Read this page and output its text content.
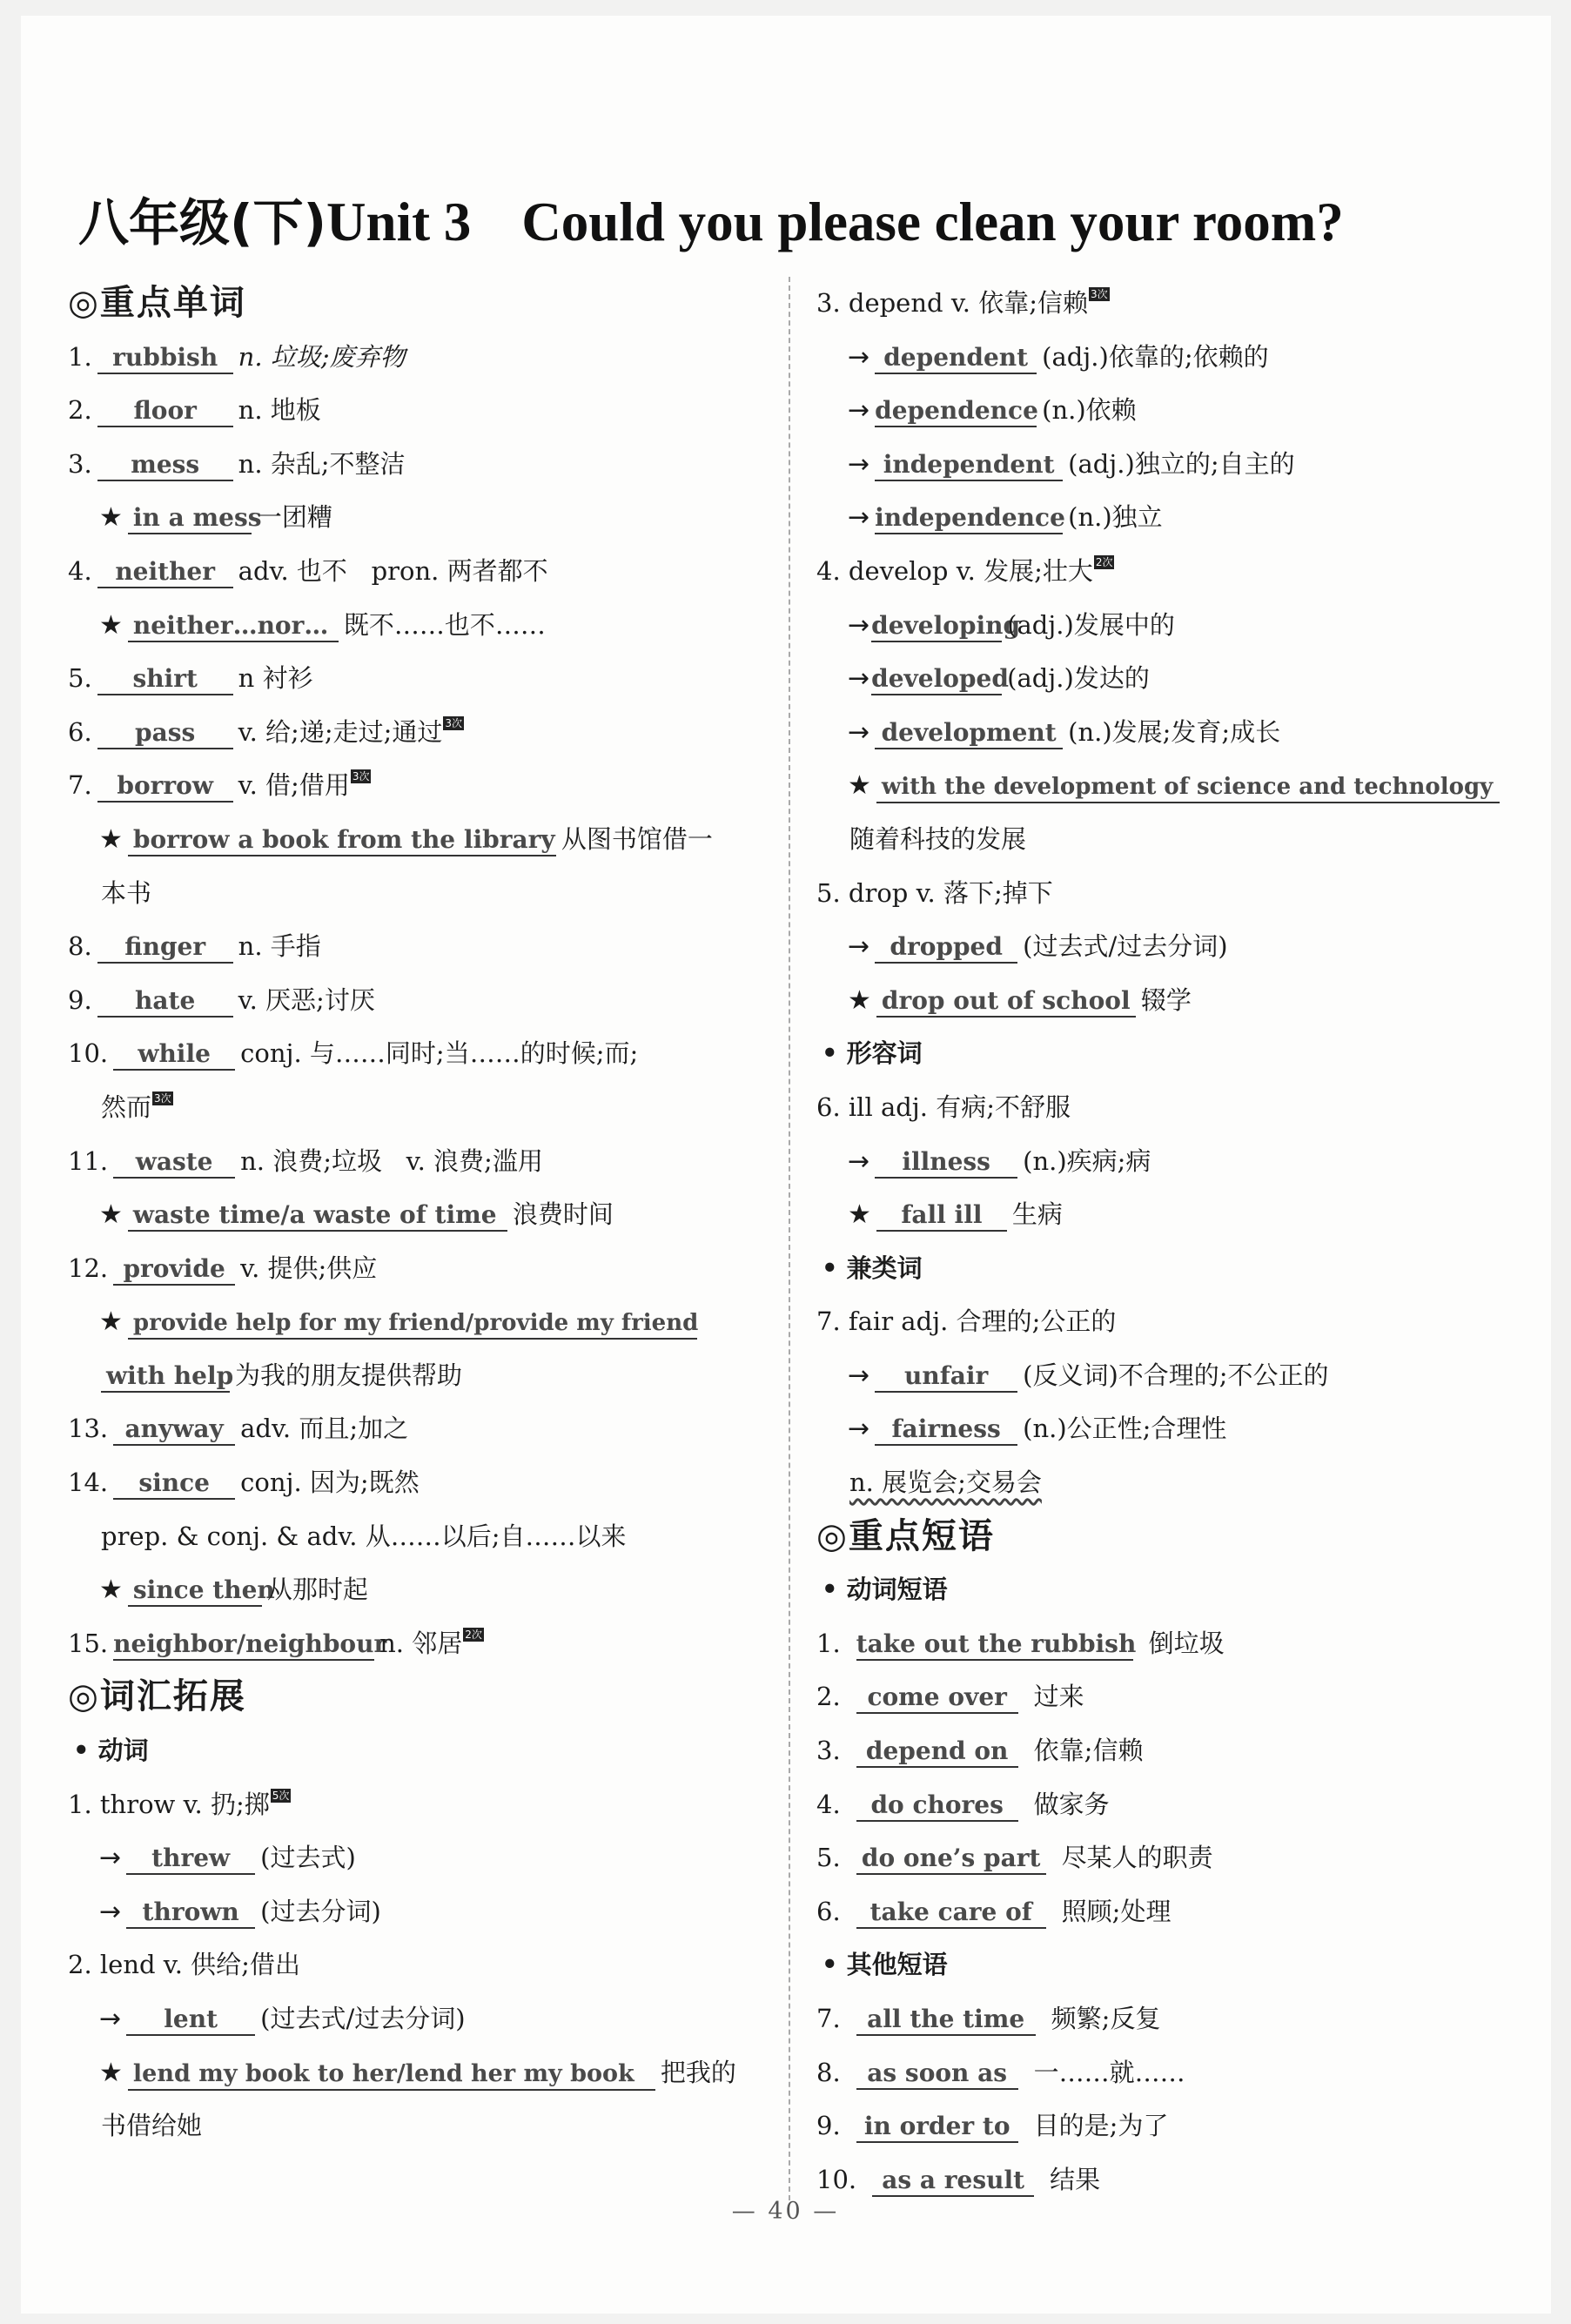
八年级(下)Unit 3 Could you please clean your room?
◎重点单词
1. rubbish n. 垃圾;废弃物
2. floor n. 地板
3. mess n. 杂乱;不整洁
★ in a mess一团糟
4. neither adv. 也不 pron. 两者都不
★ neither…nor… 既不……也不……
5. shirt n 衬衫
6. pass v. 给;递;走过;通过 3次
7. borrow v. 借;借用 3次
★ borrow a book from the library 从图书馆借一
本书
8. finger n. 手指
9. hate v. 厌恶;讨厌
10. while conj. 与……同时;当……的时候;而;
然而 3次
11. waste n. 浪费;垃圾 v. 浪费;滥用
★ waste time/a waste of time 浪费时间
12. provide v. 提供;供应
★ provide help for my friend/provide my friend
with help为我的朋友提供帮助
13. anyway adv. 而且;加之
14. since conj. 因为;既然
prep. & conj. & adv. 从……以后;自……以来
★ since then从那时起
15. neighbor/neighbourn. 邻居 2次
◎词汇拓展
• 动词
1. throw v. 扔;掷 5次
→ threw (过去式)
→ thrown (过去分词)
2. lend v. 供给;借出
→ lent (过去式/过去分词)
★ lend my book to her/lend her my book 把我的
书借给她
3. depend v. 依靠;信赖 3次
→ dependent (adj.)依靠的;依赖的
→ dependence (n.)依赖
→ independent (adj.)独立的;自主的
→ independence (n.)独立
4. develop v. 发展;壮大 2次
→developing(adj.)发展中的
→developed(adj.)发达的
→ development (n.)发展;发育;成长
★ with the development of science and technology
随着科技的发展
5. drop v. 落下;掉下
→ dropped (过去式/过去分词)
★ drop out of school 辍学
• 形容词
6. ill adj. 有病;不舒服
→ illness (n.)疾病;病
★ fall ill 生病
• 兼类词
7. fair adj. 合理的;公正的
→ unfair (反义词)不合理的;不公正的
→ fairness (n.)公正性;合理性
n. 展览会;交易会
◎重点短语
• 动词短语
1. take out the rubbish 倒垃圾
2. come over 过来
3. depend on 依靠;信赖
4. do chores 做家务
5. do one’s part 尽某人的职责
6. take care of 照顾;处理
• 其他短语
7. all the time 频繁;反复
8. as soon as 一……就……
9. in order to 目的是;为了
10. as a result 结果
— 40 —
